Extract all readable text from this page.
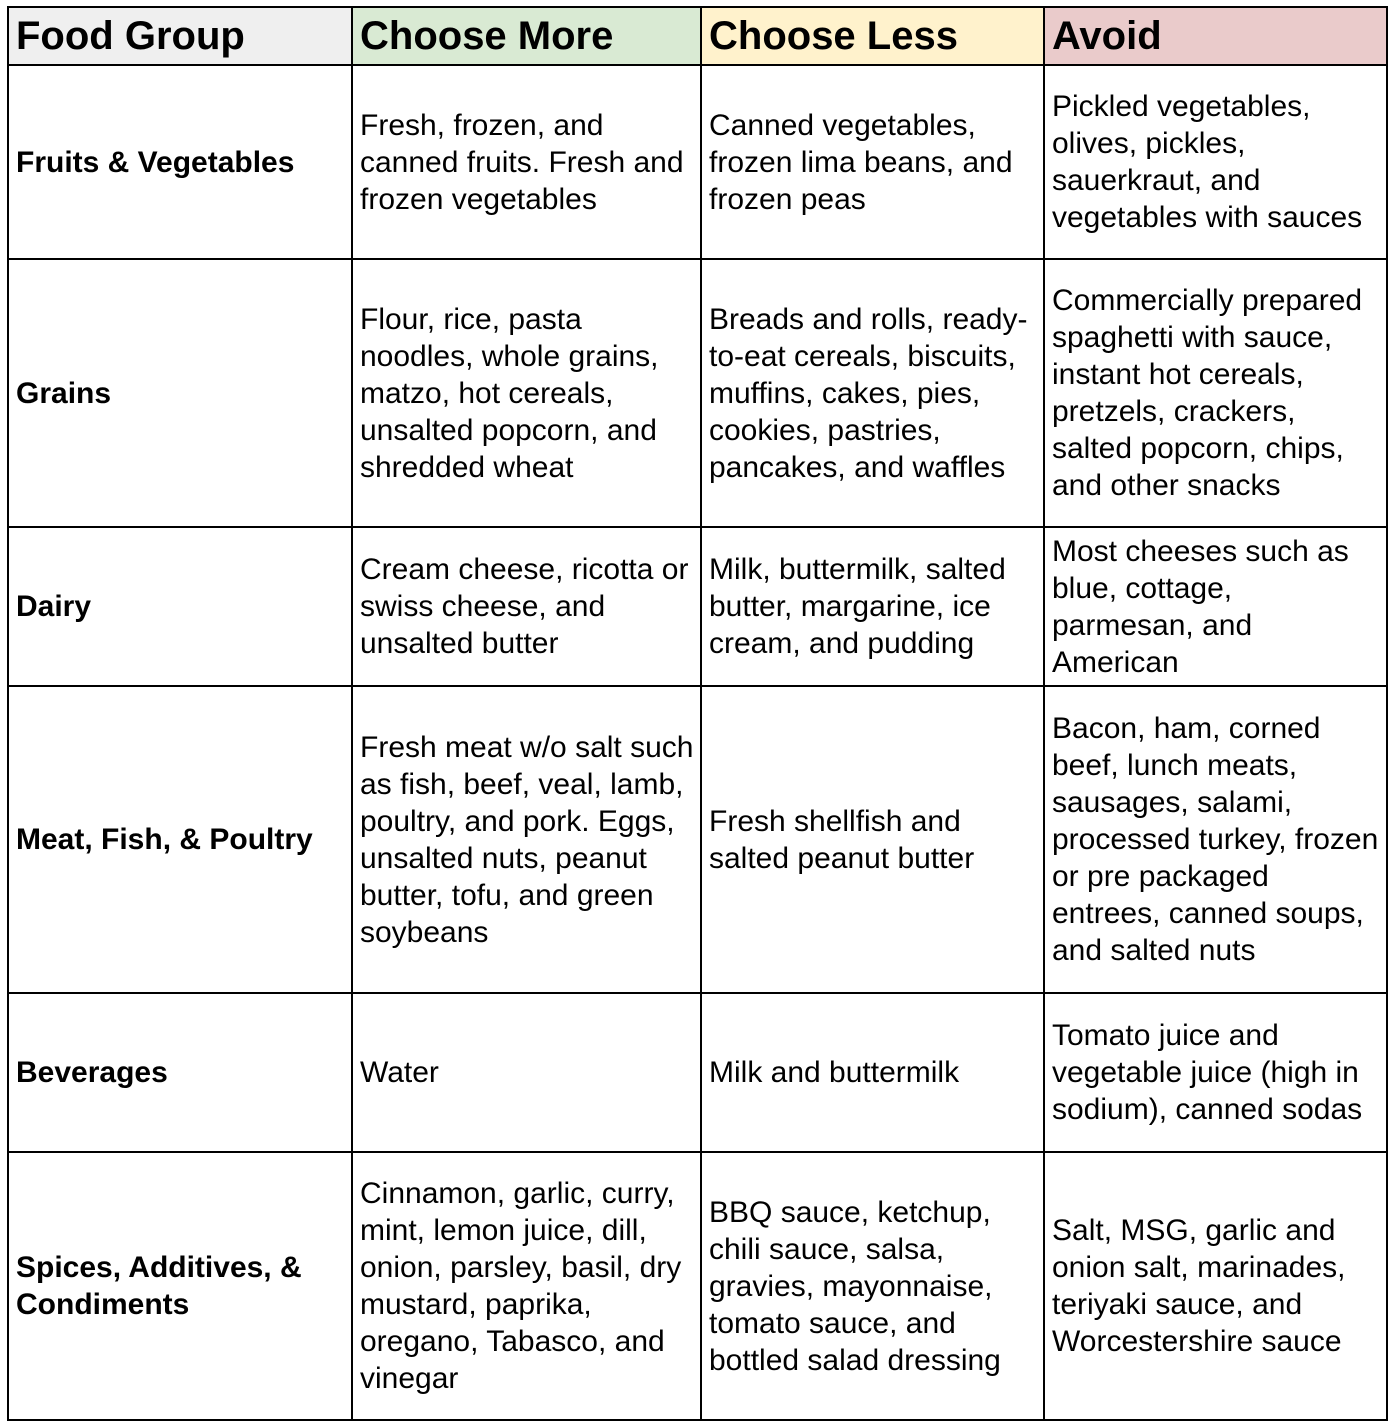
Food Group	Choose More	Choose Less	Avoid
Fruits & Vegetables	Fresh, frozen, and canned fruits. Fresh and frozen vegetables	Canned vegetables, frozen lima beans, and frozen peas	Pickled vegetables, olives, pickles, sauerkraut, and vegetables with sauces
Grains	Flour, rice, pasta noodles, whole grains, matzo, hot cereals, unsalted popcorn, and shredded wheat	Breads and rolls, ready-to-eat cereals, biscuits, muffins, cakes, pies, cookies, pastries, pancakes, and waffles	Commercially prepared spaghetti with sauce, instant hot cereals, pretzels, crackers, salted popcorn, chips, and other snacks
Dairy	Cream cheese, ricotta or swiss cheese, and unsalted butter	Milk, buttermilk, salted butter, margarine, ice cream, and pudding	Most cheeses such as blue, cottage, parmesan, and American
Meat, Fish, & Poultry	Fresh meat w/o salt such as fish, beef, veal, lamb, poultry, and pork. Eggs, unsalted nuts, peanut butter, tofu, and green soybeans	Fresh shellfish and salted peanut butter	Bacon, ham, corned beef, lunch meats, sausages, salami, processed turkey, frozen or pre packaged entrees, canned soups, and salted nuts
Beverages	Water	Milk and buttermilk	Tomato juice and vegetable juice (high in sodium), canned sodas
Spices, Additives, & Condiments	Cinnamon, garlic, curry, mint, lemon juice, dill, onion, parsley, basil, dry mustard, paprika, oregano, Tabasco, and vinegar	BBQ sauce, ketchup, chili sauce, salsa, gravies, mayonnaise, tomato sauce, and bottled salad dressing	Salt, MSG, garlic and onion salt, marinades, teriyaki sauce, and Worcestershire sauce
